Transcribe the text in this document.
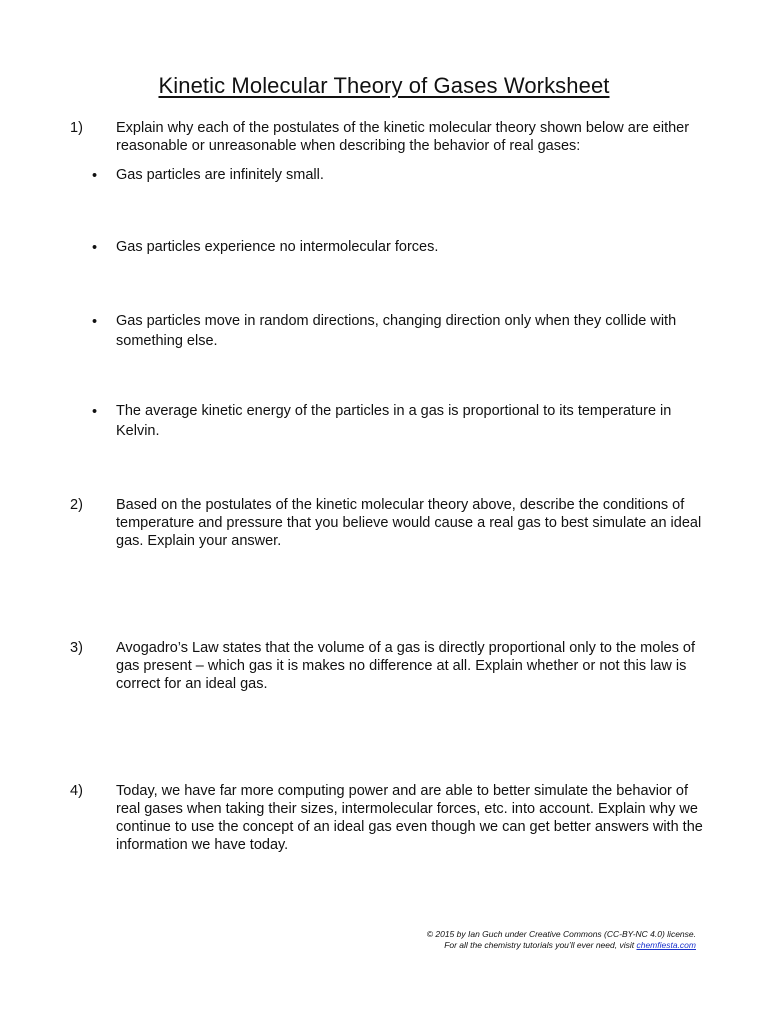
Kinetic Molecular Theory of Gases Worksheet
1) Explain why each of the postulates of the kinetic molecular theory shown below are either reasonable or unreasonable when describing the behavior of real gases:
• Gas particles are infinitely small.
• Gas particles experience no intermolecular forces.
• Gas particles move in random directions, changing direction only when they collide with something else.
• The average kinetic energy of the particles in a gas is proportional to its temperature in Kelvin.
2) Based on the postulates of the kinetic molecular theory above, describe the conditions of temperature and pressure that you believe would cause a real gas to best simulate an ideal gas. Explain your answer.
3) Avogadro’s Law states that the volume of a gas is directly proportional only to the moles of gas present – which gas it is makes no difference at all. Explain whether or not this law is correct for an ideal gas.
4) Today, we have far more computing power and are able to better simulate the behavior of real gases when taking their sizes, intermolecular forces, etc. into account. Explain why we continue to use the concept of an ideal gas even though we can get better answers with the information we have today.
© 2015 by Ian Guch under Creative Commons (CC-BY-NC 4.0) license.
For all the chemistry tutorials you’ll ever need, visit chemfiesta.com
